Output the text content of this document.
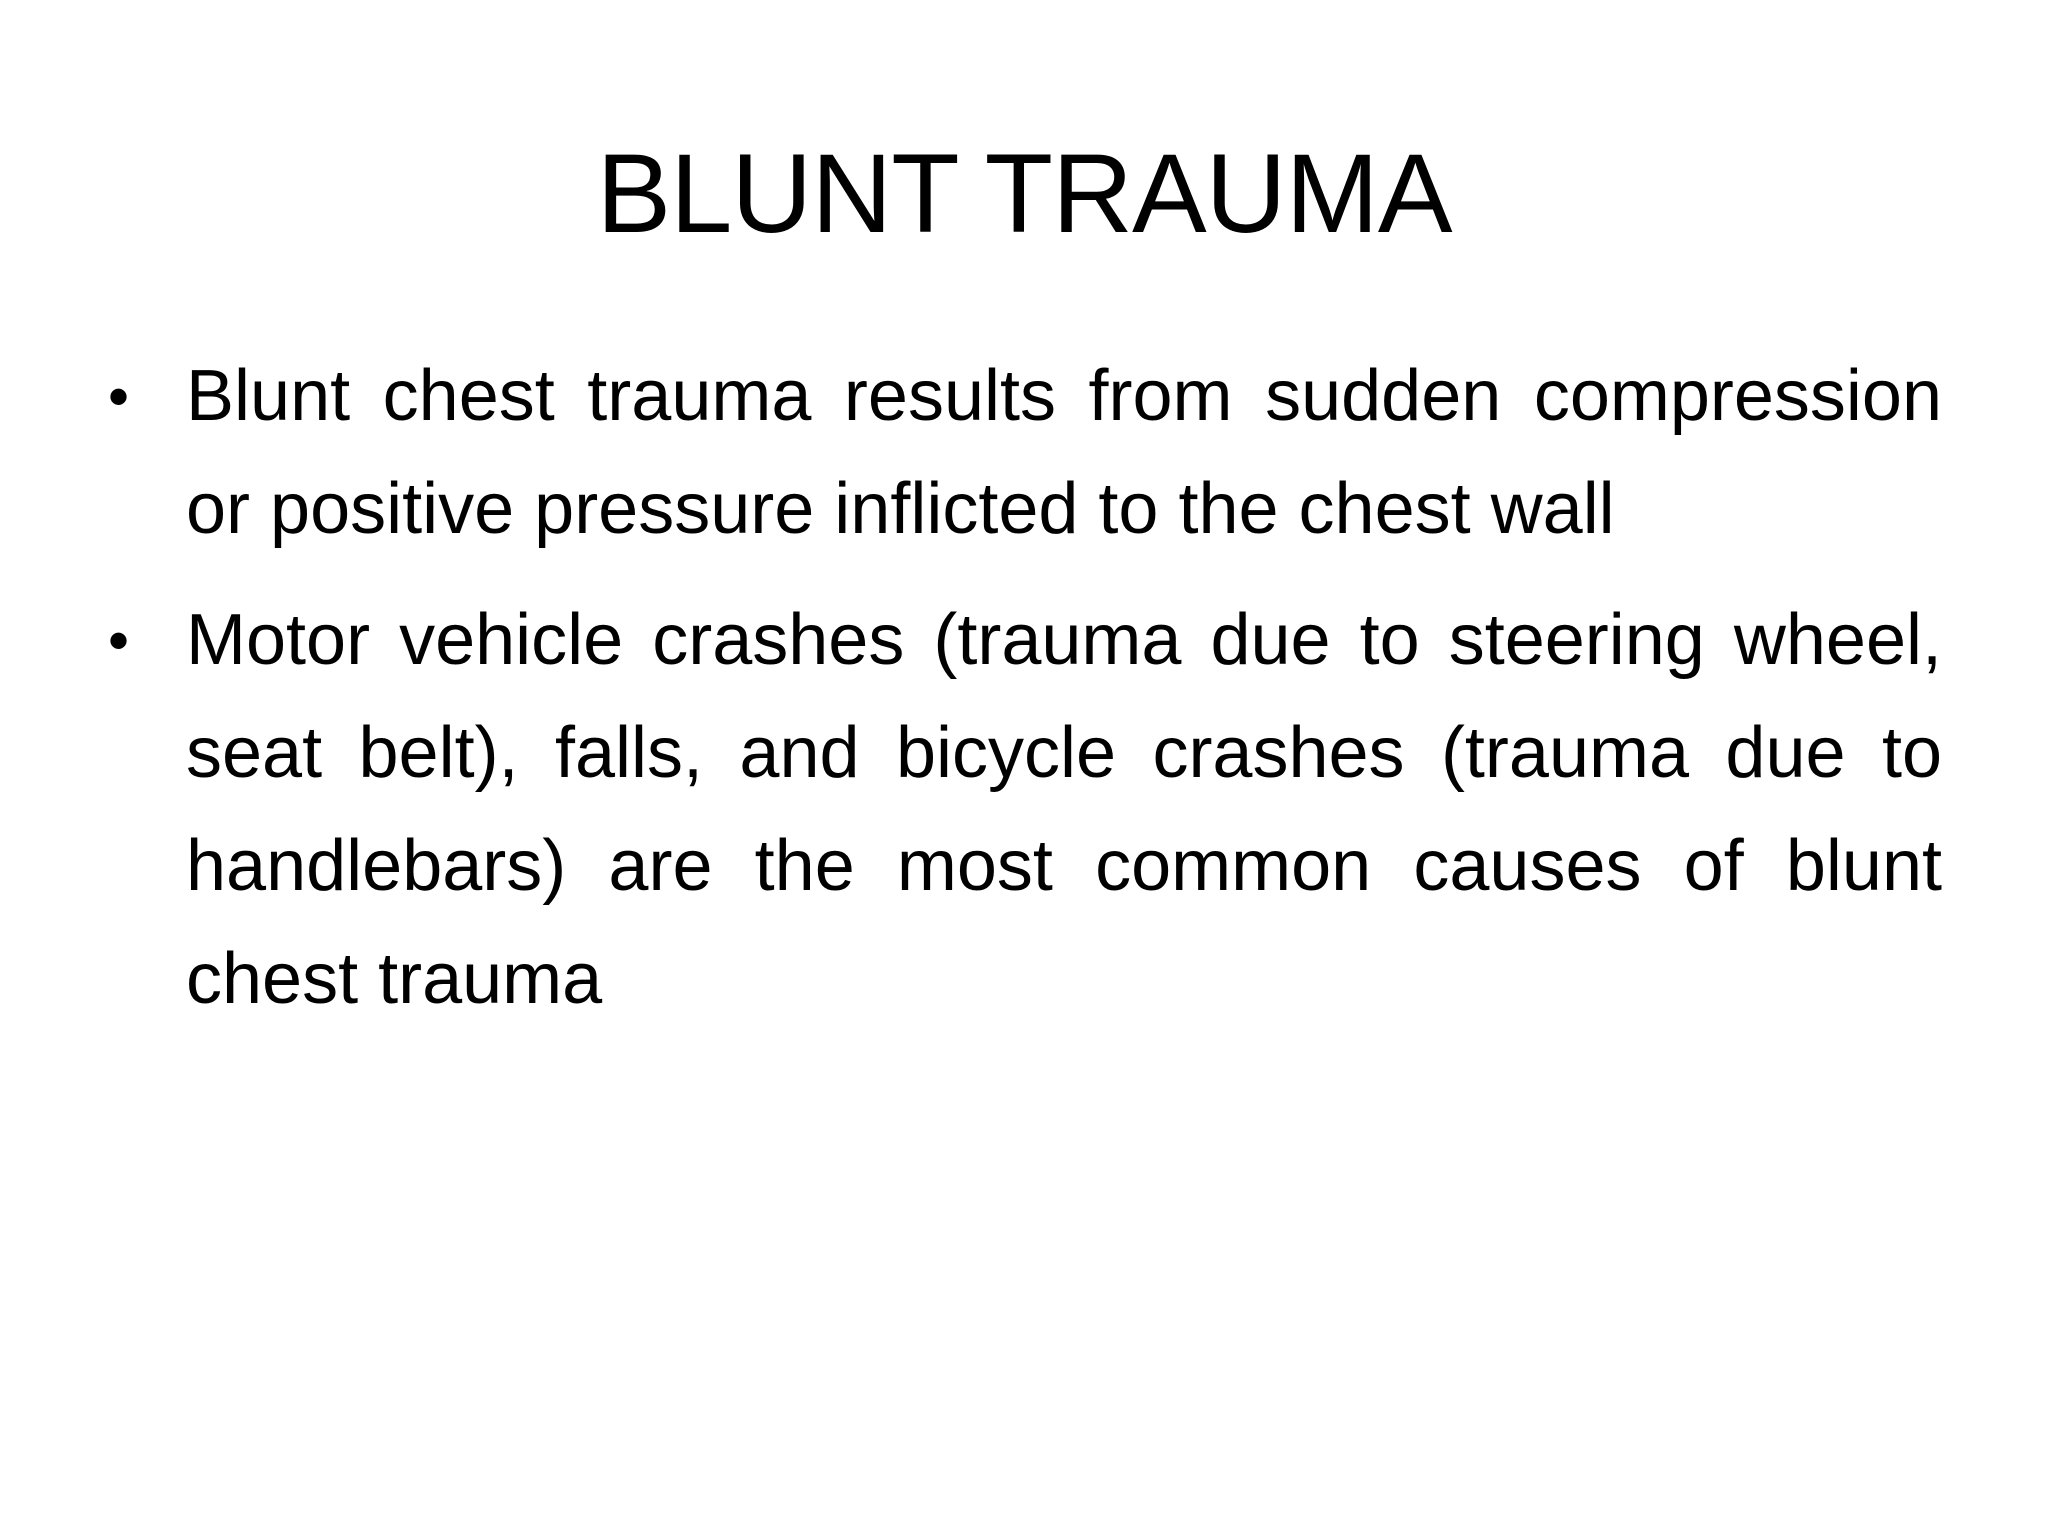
BLUNT TRAUMA
• Blunt chest trauma results from sudden compression or positive pressure inflicted to the chest wall
• Motor vehicle crashes (trauma due to steering wheel, seat belt), falls, and bicycle crashes (trauma due to handlebars) are the most common causes of blunt chest trauma
